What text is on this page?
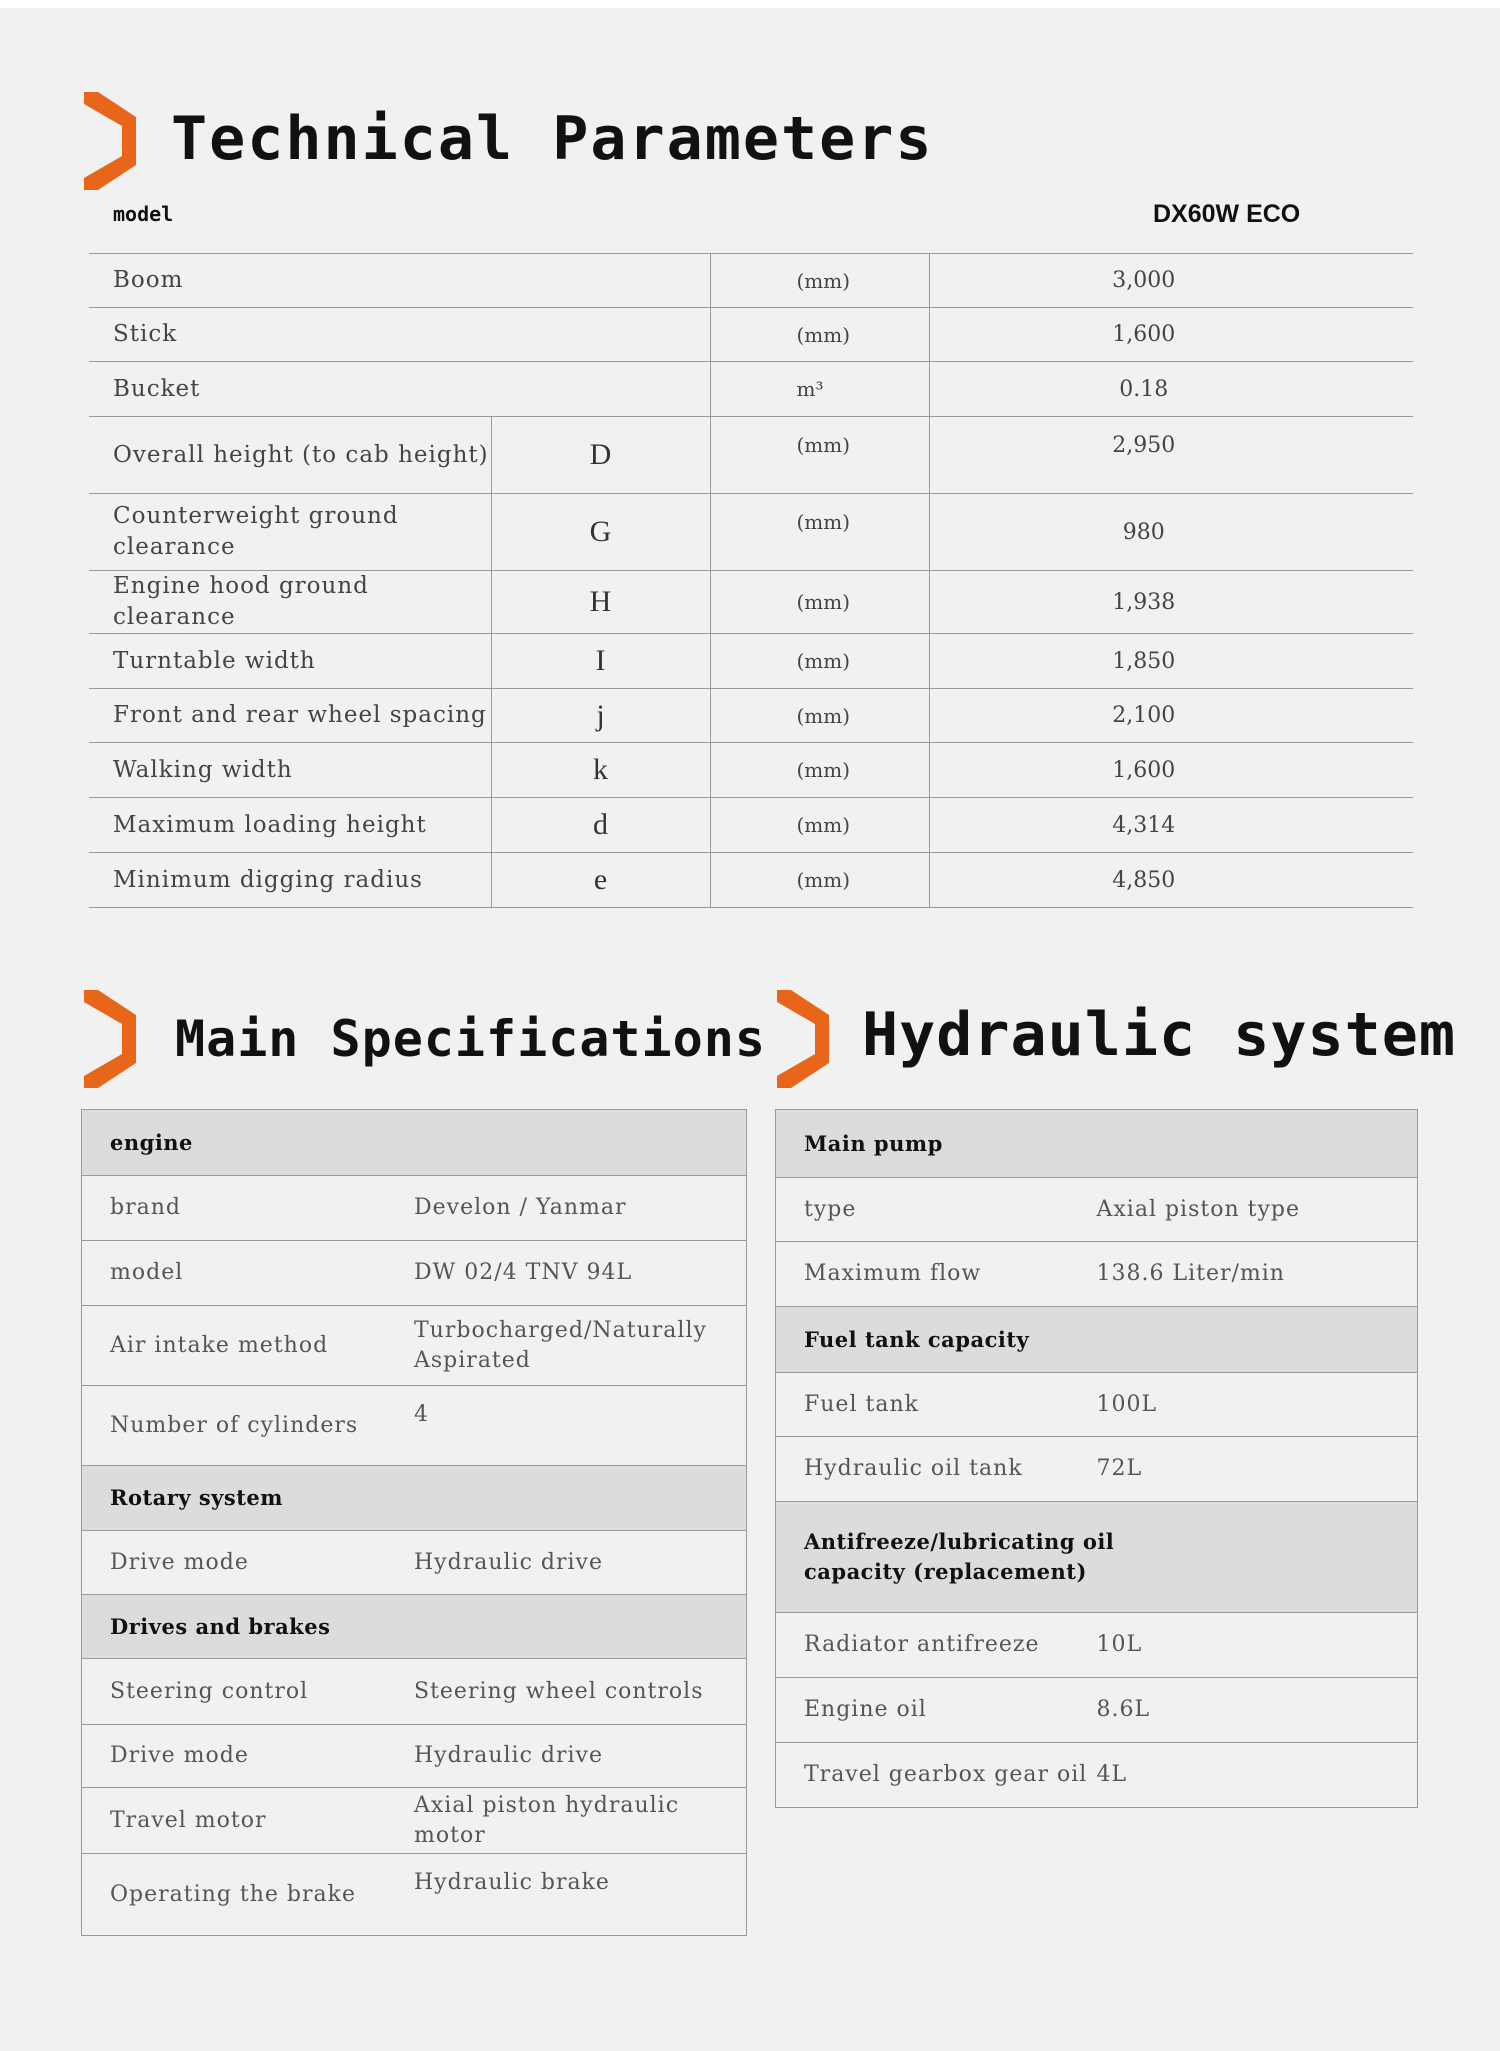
Technical Parameters
model	DX60W ECO
Boom		(mm)	3,000
Stick		(mm)	1,600
Bucket		m³	0.18
Overall height (to cab height)	D	(mm)	2,950
Counterweight ground clearance	G	(mm)	980
Engine hood ground clearance	H	(mm)	1,938
Turntable width	I	(mm)	1,850
Front and rear wheel spacing	j	(mm)	2,100
Walking width	k	(mm)	1,600
Maximum loading height	d	(mm)	4,314
Minimum digging radius	e	(mm)	4,850
Main Specifications
engine	
brand	Develon / Yanmar
model	DW 02/4 TNV 94L
Air intake method	Turbocharged/Naturally Aspirated
Number of cylinders	4
Rotary system	
Drive mode	Hydraulic drive
Drives and brakes	
Steering control	Steering wheel controls
Drive mode	Hydraulic drive
Travel motor	Axial piston hydraulic motor
Operating the brake	Hydraulic brake
Hydraulic system
Main pump	
type	Axial piston type
Maximum flow	138.6 Liter/min
Fuel tank capacity	
Fuel tank	100L
Hydraulic oil tank	72L
Antifreeze/lubricating oil capacity (replacement)	
Radiator antifreeze	10L
Engine oil	8.6L
Travel gearbox gear oil	4L
